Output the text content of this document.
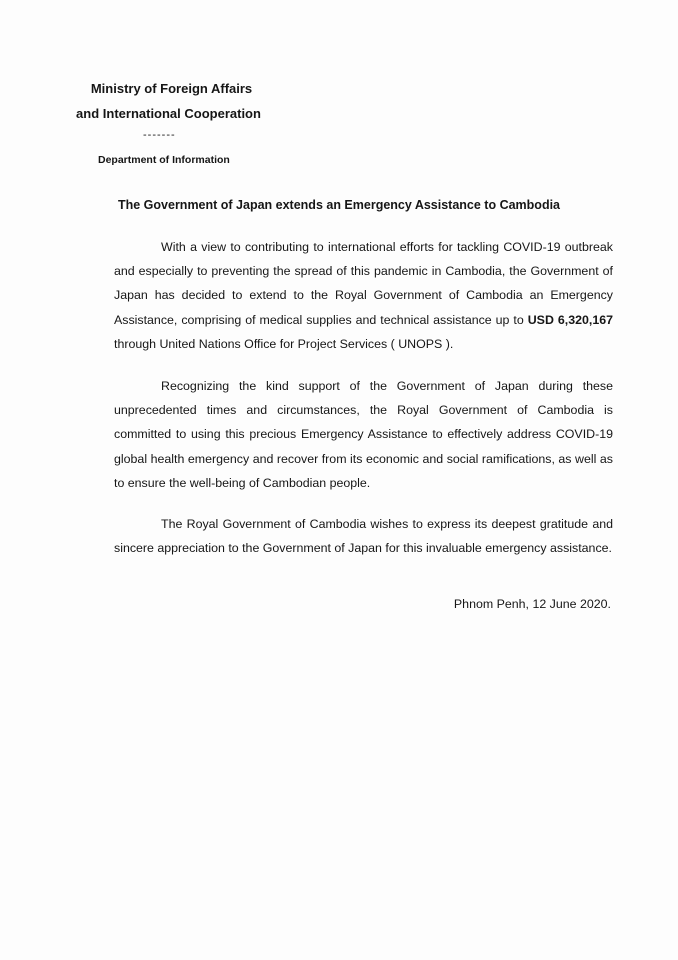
Ministry of Foreign Affairs
and International Cooperation
-------
Department of Information
The Government of Japan extends an Emergency Assistance to Cambodia

With a view to contributing to international efforts for tackling COVID-19 outbreak and especially to preventing the spread of this pandemic in Cambodia, the Government of Japan has decided to extend to the Royal Government of Cambodia an Emergency Assistance, comprising of medical supplies and technical assistance up to USD 6,320,167 through United Nations Office for Project Services ( UNOPS ).

Recognizing the kind support of the Government of Japan during these unprecedented times and circumstances, the Royal Government of Cambodia is committed to using this precious Emergency Assistance to effectively address COVID-19 global health emergency and recover from its economic and social ramifications, as well as to ensure the well-being of Cambodian people.

The Royal Government of Cambodia wishes to express its deepest gratitude and sincere appreciation to the Government of Japan for this invaluable emergency assistance.

Phnom Penh, 12 June 2020.
